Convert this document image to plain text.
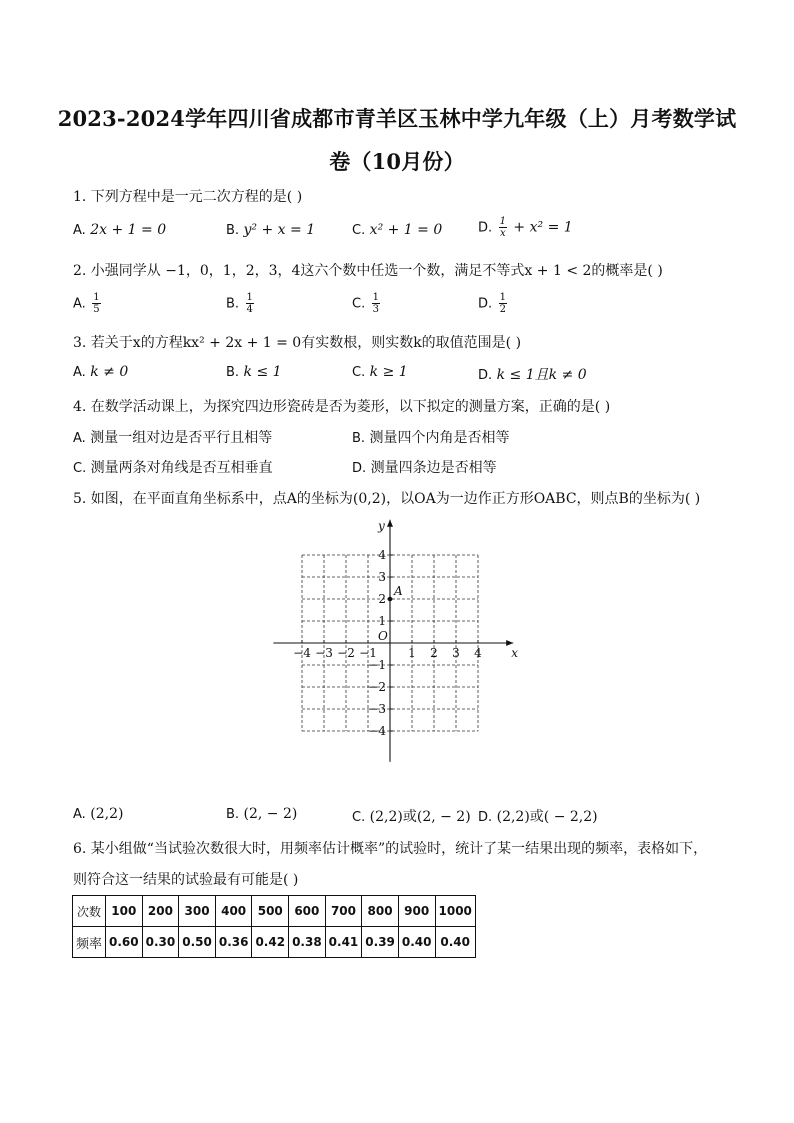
2023-2024学年四川省成都市青羊区玉林中学九年级（上）月考数学试
卷（10月份）
1. 下列方程中是一元二次方程的是( )
A. 2x + 1 = 0	B. y² + x = 1	C. x² + 1 = 0	D. $\frac{1}{x} + x^2 = 1$
2. 小强同学从 −1，0，1，2，3，4这六个数中任选一个数，满足不等式x + 1 < 2的概率是( )
A. $\frac{1}{5}$	B. $\frac{1}{4}$	C. $\frac{1}{3}$	D. $\frac{1}{2}$
3. 若关于x的方程kx² + 2x + 1 = 0有实数根，则实数k的取值范围是( )
A. k ≠ 0	B. k ≤ 1	C. k ≥ 1	D. k ≤ 1且k ≠ 0
4. 在数学活动课上，为探究四边形瓷砖是否为菱形，以下拟定的测量方案，正确的是( )
A. 测量一组对边是否平行且相等	B. 测量四个内角是否相等
C. 测量两条对角线是否互相垂直	D. 测量四条边是否相等
5. 如图，在平面直角坐标系中，点A的坐标为(0,2)，以OA为一边作正方形OABC，则点B的坐标为( )
−4 −3 −2 −1	1 2 3 4
4
3
2
1
−1
−2
−3
−4
x
y
O
A
A. (2,2)	B. (2, − 2)	C. (2,2)或(2, − 2) D. (2,2)或( − 2,2)
6. 某小组做“当试验次数很大时，用频率估计概率”的试验时，统计了某一结果出现的频率，表格如下，
则符合这一结果的试验最有可能是( )
次数	100	200	300	400	500	600	700	800	900	1000
频率	0.60	0.30	0.50	0.36	0.42	0.38	0.41	0.39	0.40	0.40
